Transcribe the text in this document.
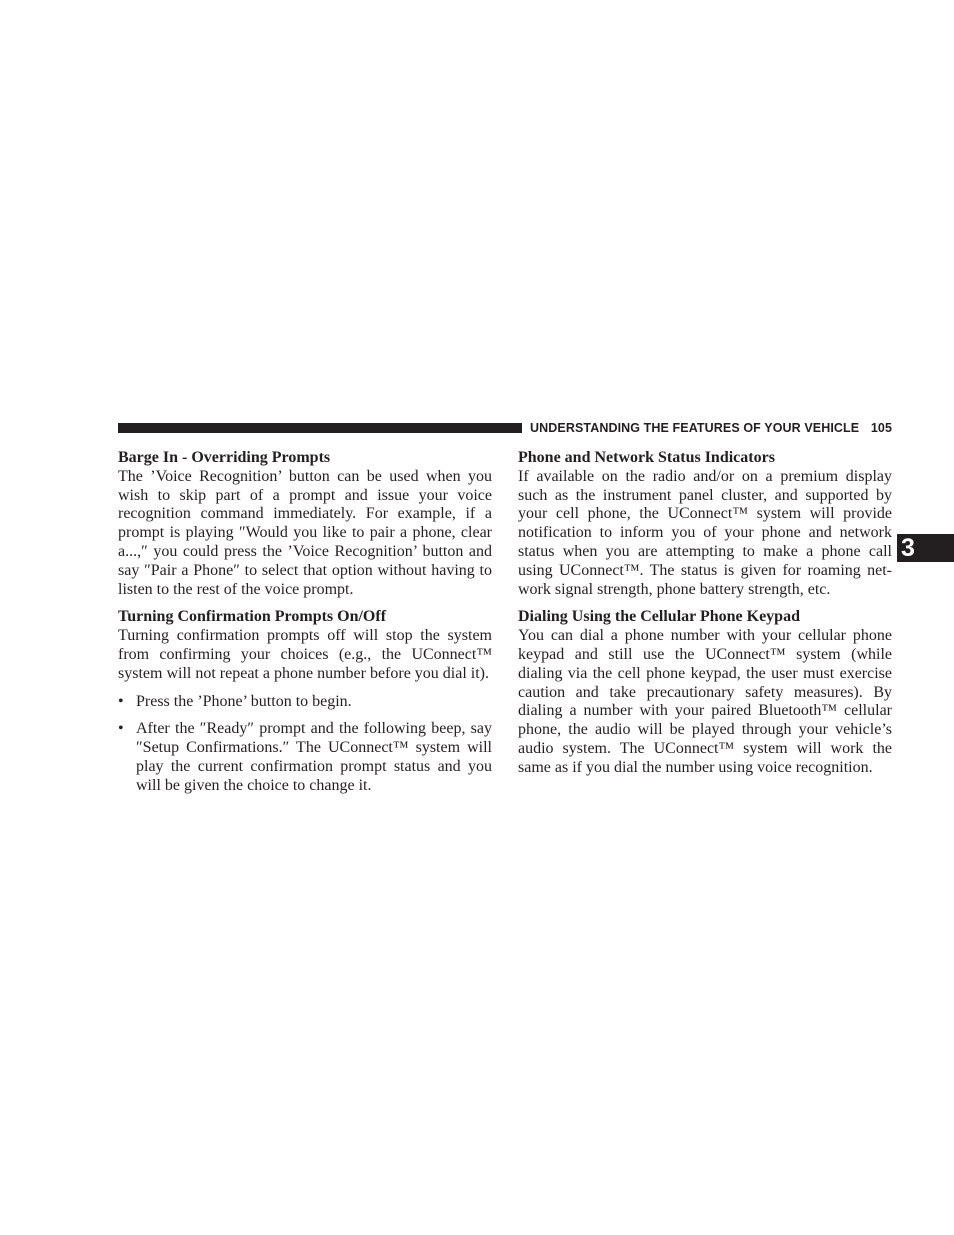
UNDERSTANDING THE FEATURES OF YOUR VEHICLE 105
3
Barge In - Overriding Prompts

The ’Voice Recognition’ button can be used when you wish to skip part of a prompt and issue your voice recognition command immediately. For example, if a prompt is playing ″Would you like to pair a phone, clear a...,″ you could press the ’Voice Recognition’ button and say ″Pair a Phone″ to select that option without having to listen to the rest of the voice prompt.

Turning Confirmation Prompts On/Off

Turning confirmation prompts off will stop the system from confirming your choices (e.g., the UConnect™ system will not repeat a phone number before you dial it).

• Press the ’Phone’ button to begin.
• After the ″Ready″ prompt and the following beep, say ″Setup Confirmations.″ The UConnect™ system will play the current confirmation prompt status and you will be given the choice to change it.
Phone and Network Status Indicators

If available on the radio and/or on a premium display such as the instrument panel cluster, and supported by your cell phone, the UConnect™ system will provide notification to inform you of your phone and network status when you are attempting to make a phone call using UConnect™. The status is given for roaming net-work signal strength, phone battery strength, etc.

Dialing Using the Cellular Phone Keypad

You can dial a phone number with your cellular phone keypad and still use the UConnect™ system (while dialing via the cell phone keypad, the user must exercise caution and take precautionary safety measures). By dialing a number with your paired Bluetooth™ cellular phone, the audio will be played through your vehicle’s audio system. The UConnect™ system will work the same as if you dial the number using voice recognition.
